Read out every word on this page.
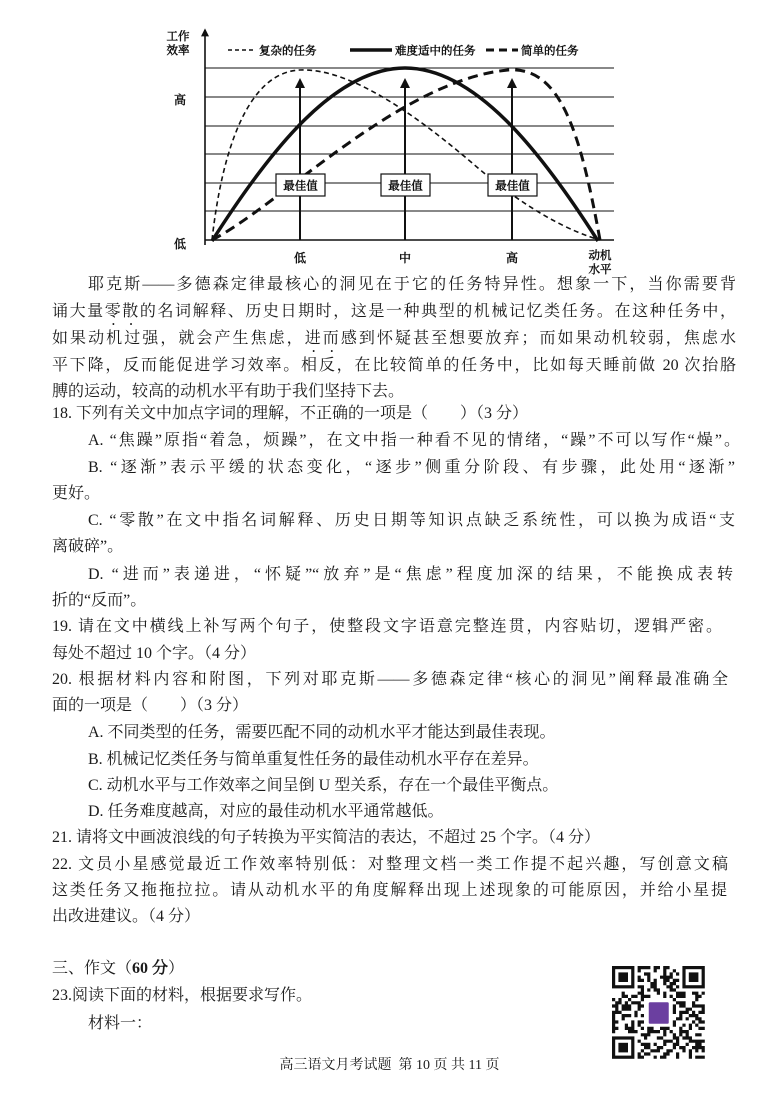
工作
效率	复杂的任务	难度适中的任务	简单的任务
高
低
最佳值	最佳值	最佳值
低	中	高	动机
水平
耶克斯——多德森定律最核心的洞见在于它的任务特异性。想象一下，当你需要背
诵大量零散的名词解释、历史日期时，这是一种典型的机械记忆类任务。在这种任务中，
如果动机过强，就会产生焦虑，进而感到怀疑甚至想要放弃；而如果动机较弱，焦虑水
平下降，反而能促进学习效率。相反，在比较简单的任务中，比如每天睡前做 20 次抬胳
膊的运动，较高的动机水平有助于我们坚持下去。
18. 下列有关文中加点字词的理解，不正确的一项是（　　）（3 分）
A. “焦躁”原指“着急，烦躁”，在文中指一种看不见的情绪，“躁”不可以写作“燥”。
B. “逐渐”表示平缓的状态变化，“逐步”侧重分阶段、有步骤，此处用“逐渐”
更好。
C. “零散”在文中指名词解释、历史日期等知识点缺乏系统性，可以换为成语“支
离破碎”。
D. “进而”表递进，“怀疑”“放弃”是“焦虑”程度加深的结果，不能换成表转
折的“反而”。
19. 请在文中横线上补写两个句子，使整段文字语意完整连贯，内容贴切，逻辑严密。
每处不超过 10 个字。（4 分）
20. 根据材料内容和附图，下列对耶克斯——多德森定律“核心的洞见”阐释最准确全
面的一项是（　　）（3 分）
A. 不同类型的任务，需要匹配不同的动机水平才能达到最佳表现。
B. 机械记忆类任务与简单重复性任务的最佳动机水平存在差异。
C. 动机水平与工作效率之间呈倒 U 型关系，存在一个最佳平衡点。
D. 任务难度越高，对应的最佳动机水平通常越低。
21. 请将文中画波浪线的句子转换为平实简洁的表达，不超过 25 个字。（4 分）
22. 文员小星感觉最近工作效率特别低：对整理文档一类工作提不起兴趣，写创意文稿
这类任务又拖拖拉拉。请从动机水平的角度解释出现上述现象的可能原因，并给小星提
出改进建议。（4 分）
三、作文（60 分）
23.阅读下面的材料，根据要求写作。
材料一：
高三语文月考试题  第 10 页 共 11 页
